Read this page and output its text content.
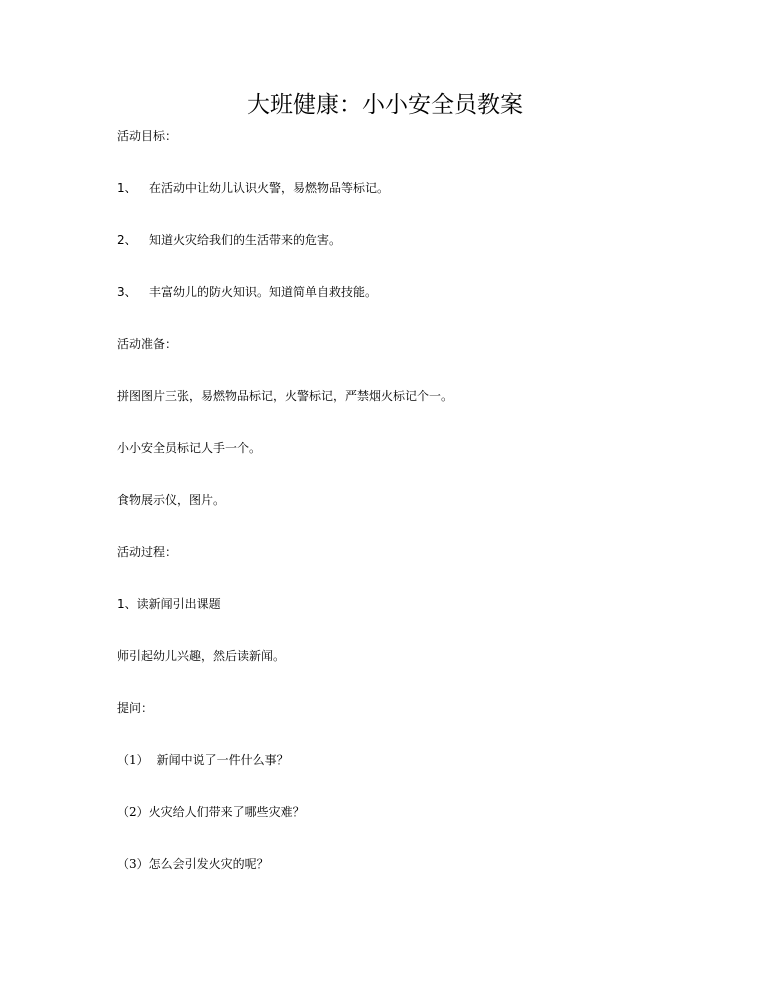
大班健康：小小安全员教案

活动目标：

1、 在活动中让幼儿认识火警，易燃物品等标记。

2、 知道火灾给我们的生活带来的危害。

3、 丰富幼儿的防火知识。知道简单自救技能。

活动准备：

拼图图片三张，易燃物品标记，火警标记，严禁烟火标记个一。

小小安全员标记人手一个。

食物展示仪，图片。

活动过程：

1、读新闻引出课题

师引起幼儿兴趣，然后读新闻。

提问：

（1） 新闻中说了一件什么事？

（2）火灾给人们带来了哪些灾难？

（3）怎么会引发火灾的呢？
